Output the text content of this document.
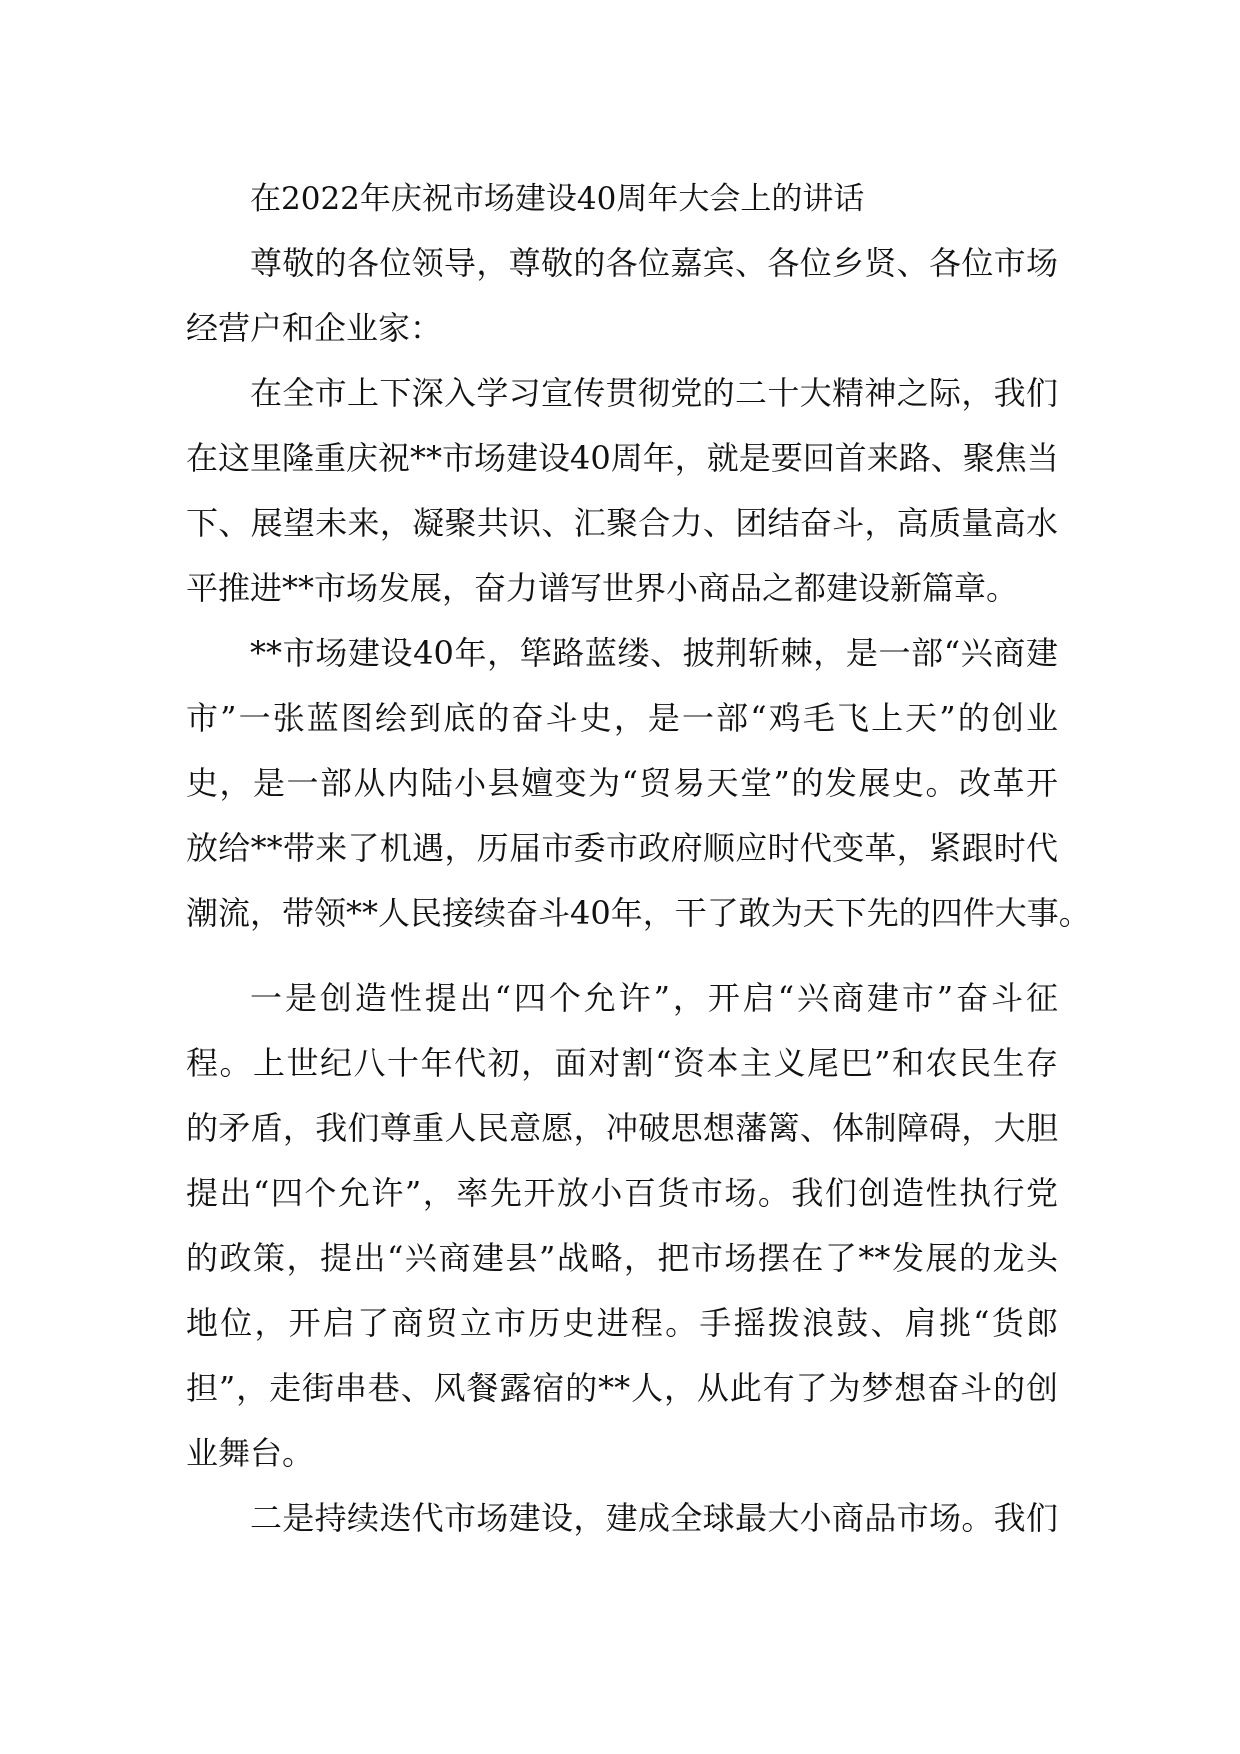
在2022年庆祝市场建设40周年大会上的讲话
尊敬的各位领导，尊敬的各位嘉宾、各位乡贤、各位市场
经营户和企业家：
在全市上下深入学习宣传贯彻党的二十大精神之际，我们
在这里隆重庆祝**市场建设40周年，就是要回首来路、聚焦当
下、展望未来，凝聚共识、汇聚合力、团结奋斗，高质量高水
平推进**市场发展，奋力谱写世界小商品之都建设新篇章。
**市场建设40年，筚路蓝缕、披荆斩棘，是一部“兴商建
市”一张蓝图绘到底的奋斗史，是一部“鸡毛飞上天”的创业
史，是一部从内陆小县嬗变为“贸易天堂”的发展史。改革开
放给**带来了机遇，历届市委市政府顺应时代变革，紧跟时代
潮流，带领**人民接续奋斗40年，干了敢为天下先的四件大事。
一是创造性提出“四个允许”，开启“兴商建市”奋斗征
程。上世纪八十年代初，面对割“资本主义尾巴”和农民生存
的矛盾，我们尊重人民意愿，冲破思想藩篱、体制障碍，大胆
提出“四个允许”，率先开放小百货市场。我们创造性执行党
的政策，提出“兴商建县”战略，把市场摆在了**发展的龙头
地位，开启了商贸立市历史进程。手摇拨浪鼓、肩挑“货郎
担”，走街串巷、风餐露宿的**人，从此有了为梦想奋斗的创
业舞台。
二是持续迭代市场建设，建成全球最大小商品市场。我们
